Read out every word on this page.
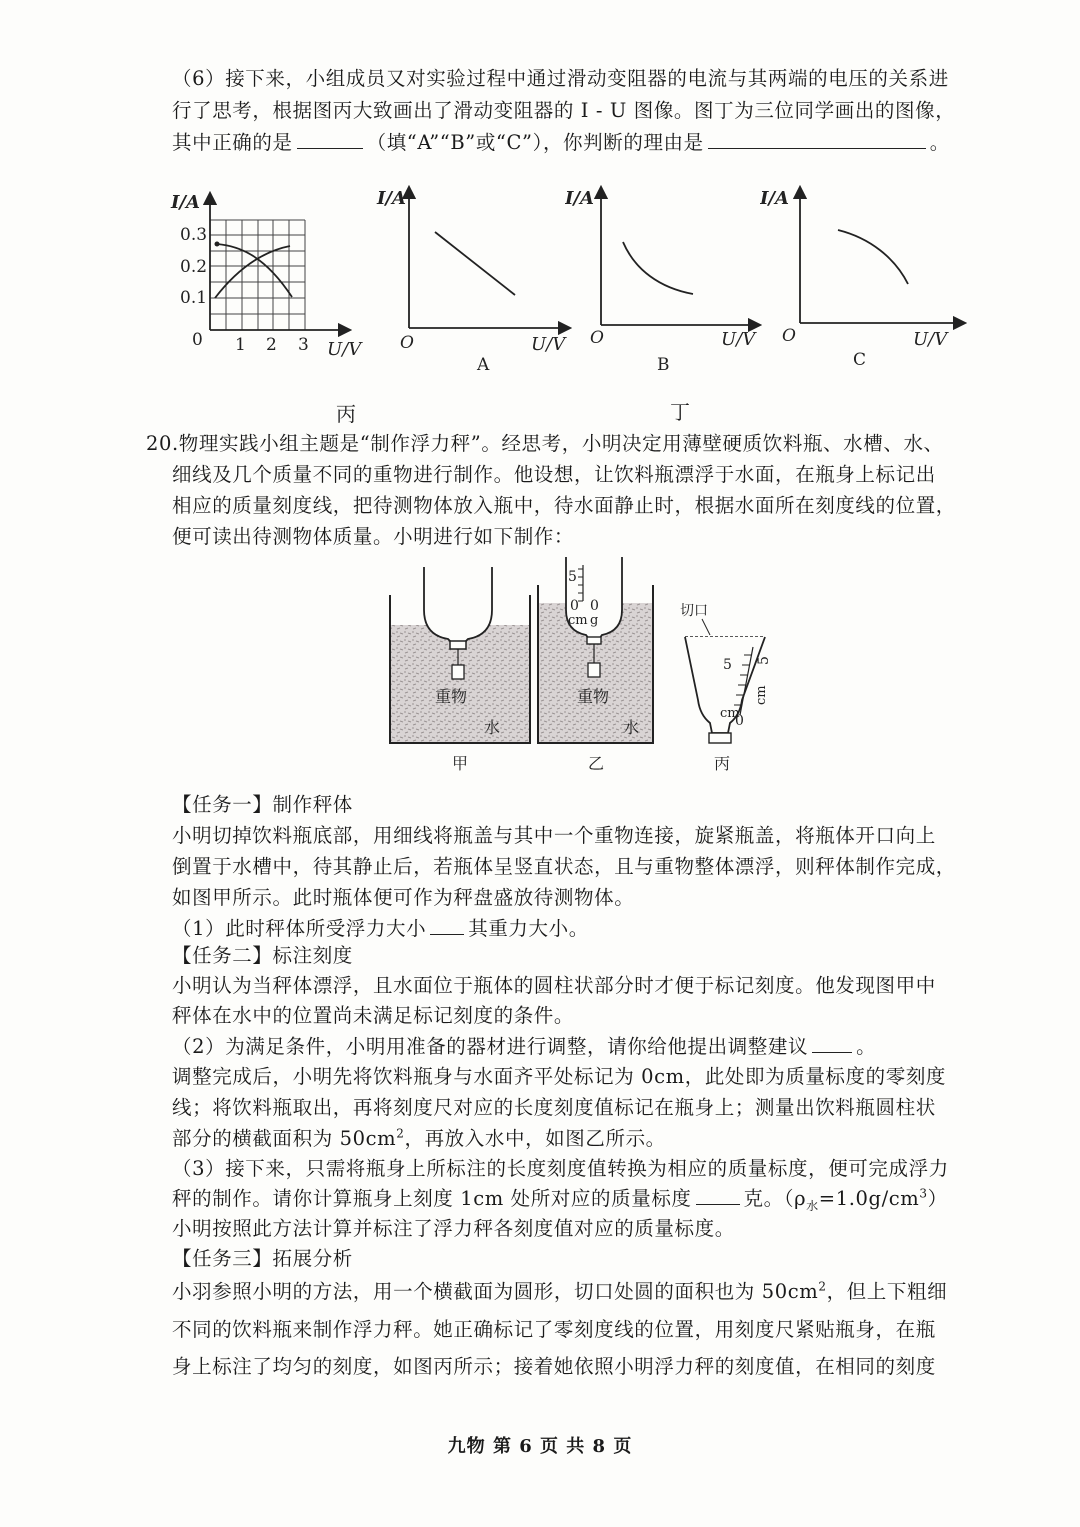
（6）接下来，小组成员又对实验过程中通过滑动变阻器的电流与其两端的电压的关系进
行了思考，根据图丙大致画出了滑动变阻器的 I - U 图像。图丁为三位同学画出的图像，
其中正确的是	（填“A”“B”或“C”），你判断的理由是	。
I/A
0.3
0.2
0.1
0 1 2 3 U/V
丙
I/A
O	U/V
A
I/A
O	U/V
B
丁
I/A
O	U/V
C
20.物理实践小组主题是“制作浮力秤”。经思考，小明决定用薄壁硬质饮料瓶、水槽、水、
细线及几个质量不同的重物进行制作。他设想，让饮料瓶漂浮于水面，在瓶身上标记出
相应的质量刻度线，把待测物体放入瓶中，待水面静止时，根据水面所在刻度线的位置，
便可读出待测物体质量。小明进行如下制作：
重物
水
甲
5
0 0
cm g
重物
水
乙
切口
5
cm
0
cm
5
丙
【任务一】制作秤体
小明切掉饮料瓶底部，用细线将瓶盖与其中一个重物连接，旋紧瓶盖，将瓶体开口向上
倒置于水槽中，待其静止后，若瓶体呈竖直状态，且与重物整体漂浮，则秤体制作完成，
如图甲所示。此时瓶体便可作为秤盘盛放待测物体。
（1）此时秤体所受浮力大小 其重力大小。
【任务二】标注刻度
小明认为当秤体漂浮，且水面位于瓶体的圆柱状部分时才便于标记刻度。他发现图甲中
秤体在水中的位置尚未满足标记刻度的条件。
（2）为满足条件，小明用准备的器材进行调整，请你给他提出调整建议 。
调整完成后，小明先将饮料瓶身与水面齐平处标记为 0cm，此处即为质量标度的零刻度
线；将饮料瓶取出，再将刻度尺对应的长度刻度值标记在瓶身上；测量出饮料瓶圆柱状
部分的横截面积为 $50cm^2$，再放入水中，如图乙所示。
（3）接下来，只需将瓶身上所标注的长度刻度值转换为相应的质量标度，便可完成浮力
秤的制作。请你计算瓶身上刻度 1cm 处所对应的质量标度	克。$(\rho_水=1.0g/cm^3)$
小明按照此方法计算并标注了浮力秤各刻度值对应的质量标度。
【任务三】拓展分析
小羽参照小明的方法，用一个横截面为圆形，切口处圆的面积也为 $50cm^2$，但上下粗细
不同的饮料瓶来制作浮力秤。她正确标记了零刻度线的位置，用刻度尺紧贴瓶身，在瓶
身上标注了均匀的刻度，如图丙所示；接着她依照小明浮力秤的刻度值，在相同的刻度
九物 第 6 页 共 8 页
